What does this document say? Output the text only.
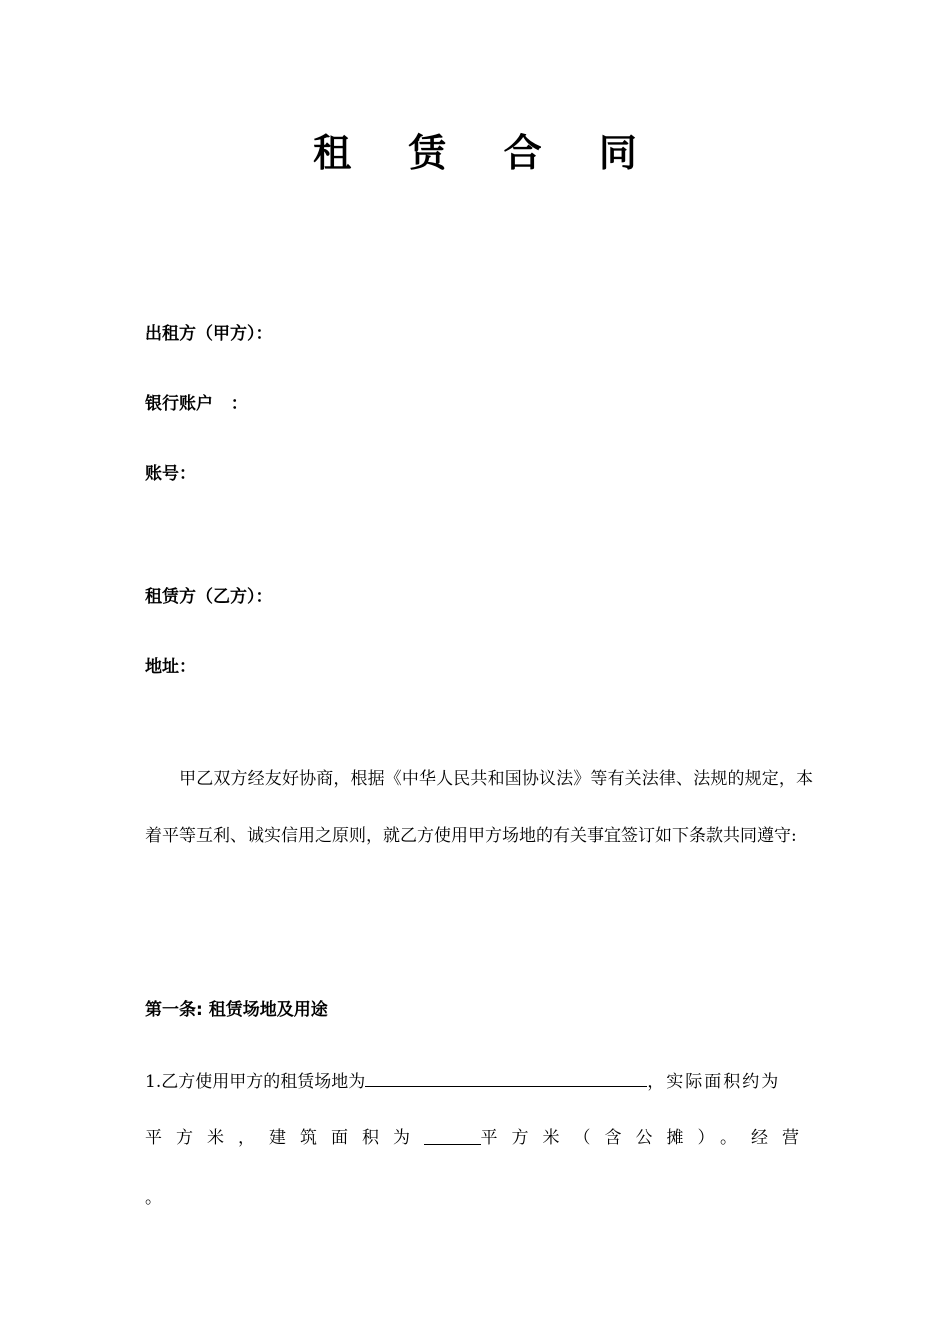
租 赁 合 同
出租方（甲方）：
银行账户   ：
账号：
租赁方（乙方）：
地址：
甲乙双方经友好协商，根据《中华人民共和国协议法》等有关法律、法规的规定，本着平等互利、诚实信用之原则，就乙方使用甲方场地的有关事宜签订如下条款共同遵守:
第一条: 租赁场地及用途
1.乙方使用甲方的租赁场地为	，实际面积约为
平方米，建筑面积为	平方米（含公摊）。经营
。
